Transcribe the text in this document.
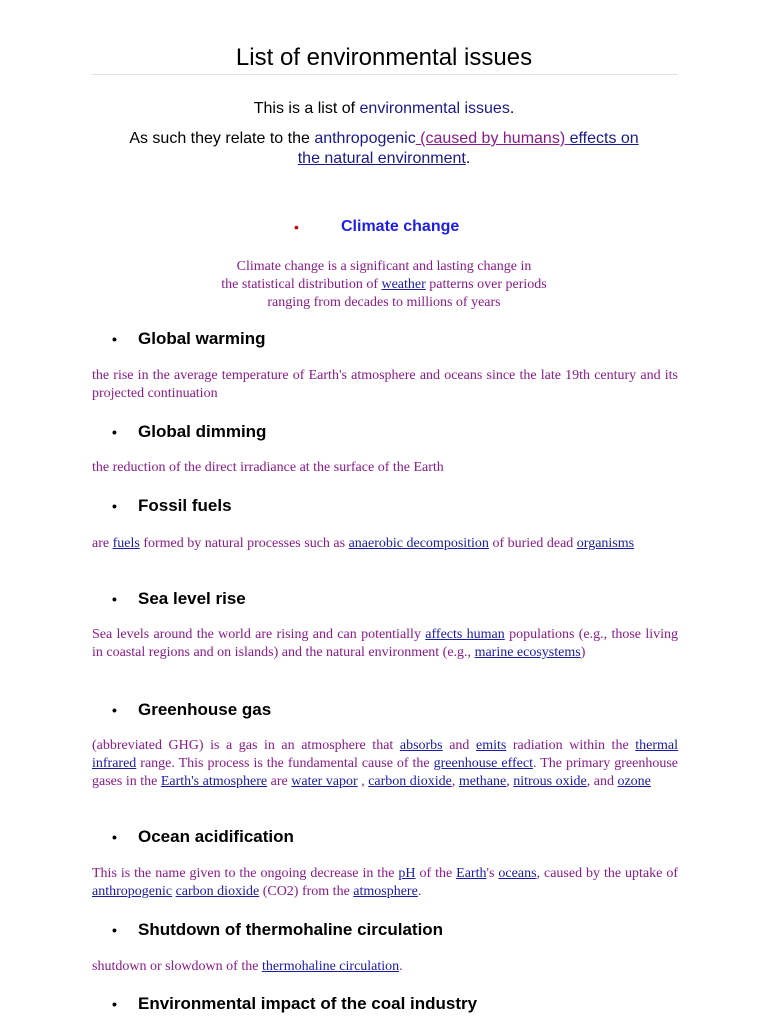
List of environmental issues
This is a list of environmental issues.
As such they relate to the anthropogenic (caused by humans) effects on
the natural environment.
•	Climate change
Climate change is a significant and lasting change in
the statistical distribution of weather patterns over periods
ranging from decades to millions of years
• Global warming
the rise in the average temperature of Earth's atmosphere and oceans since the late 19th century and its projected continuation
• Global dimming
the reduction of the direct irradiance at the surface of the Earth
• Fossil fuels
are fuels formed by natural processes such as anaerobic decomposition of buried dead organisms
• Sea level rise
Sea levels around the world are rising and can potentially affects human populations (e.g., those living in coastal regions and on islands) and the natural environment (e.g., marine ecosystems)
• Greenhouse gas
(abbreviated GHG) is a gas in an atmosphere that absorbs and emits radiation within the thermal infrared range. This process is the fundamental cause of the greenhouse effect. The primary greenhouse gases in the Earth's atmosphere are water vapor , carbon dioxide, methane, nitrous oxide, and ozone
• Ocean acidification
This is the name given to the ongoing decrease in the pH of the Earth's oceans, caused by the uptake of anthropogenic carbon dioxide (CO2) from the atmosphere.
• Shutdown of thermohaline circulation
shutdown or slowdown of the thermohaline circulation.
• Environmental impact of the coal industry
